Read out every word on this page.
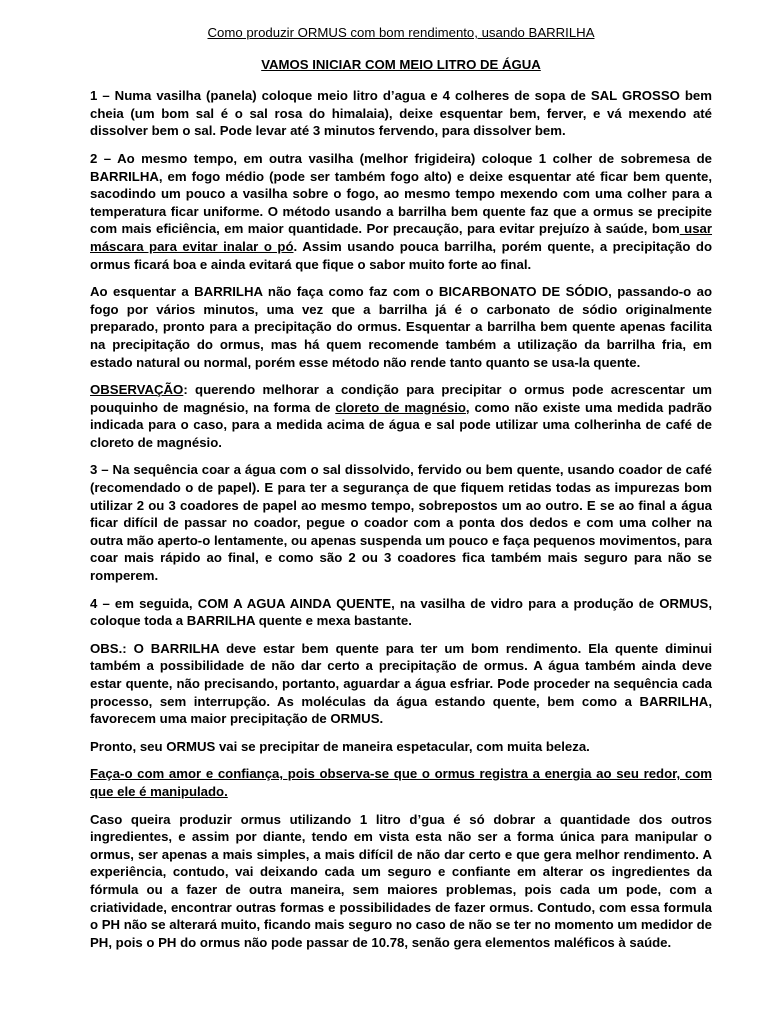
Como produzir ORMUS com bom rendimento, usando BARRILHA

VAMOS INICIAR COM MEIO LITRO DE ÁGUA

1 – Numa vasilha (panela) coloque meio litro d’agua e 4 colheres de sopa de SAL GROSSO bem cheia (um bom sal é o sal rosa do himalaia), deixe esquentar bem, ferver, e vá mexendo até dissolver bem o sal. Pode levar até 3 minutos fervendo, para dissolver bem.

2 – Ao mesmo tempo, em outra vasilha (melhor frigideira) coloque 1 colher de sobremesa de BARRILHA, em fogo médio (pode ser também fogo alto) e deixe esquentar até ficar bem quente, sacodindo um pouco a vasilha sobre o fogo, ao mesmo tempo mexendo com uma colher para a temperatura ficar uniforme. O método usando a barrilha bem quente faz que a ormus se precipite com mais eficiência, em maior quantidade. Por precaução, para evitar prejuízo à saúde, bom usar máscara para evitar inalar o pó. Assim usando pouca barrilha, porém quente, a precipitação do ormus ficará boa e ainda evitará que fique o sabor muito forte ao final.

Ao esquentar a BARRILHA não faça como faz com o BICARBONATO DE SÓDIO, passando-o ao fogo por vários minutos, uma vez que a barrilha já é o carbonato de sódio originalmente preparado, pronto para a precipitação do ormus. Esquentar a barrilha bem quente apenas facilita na precipitação do ormus, mas há quem recomende também a utilização da barrilha fria, em estado natural ou normal, porém esse método não rende tanto quanto se usa-la quente.

OBSERVAÇÃO: querendo melhorar a condição para precipitar o ormus pode acrescentar um pouquinho de magnésio, na forma de cloreto de magnésio, como não existe uma medida padrão indicada para o caso, para a medida acima de água e sal pode utilizar uma colherinha de café de cloreto de magnésio.

3 – Na sequência coar a água com o sal dissolvido, fervido ou bem quente, usando coador de café (recomendado o de papel). E para ter a segurança de que fiquem retidas todas as impurezas bom utilizar 2 ou 3 coadores de papel ao mesmo tempo, sobrepostos um ao outro. E se ao final a água ficar difícil de passar no coador, pegue o coador com a ponta dos dedos e com uma colher na outra mão aperto-o lentamente, ou apenas suspenda um pouco e faça pequenos movimentos, para coar mais rápido ao final, e como são 2 ou 3 coadores fica também mais seguro para não se romperem.

4 – em seguida, COM A AGUA AINDA QUENTE, na vasilha de vidro para a produção de ORMUS, coloque toda a BARRILHA quente e mexa bastante.

OBS.: O BARRILHA deve estar bem quente para ter um bom rendimento. Ela quente diminui também a possibilidade de não dar certo a precipitação de ormus. A água também ainda deve estar quente, não precisando, portanto, aguardar a água esfriar. Pode proceder na sequência cada processo, sem interrupção. As moléculas da água estando quente, bem como a BARRILHA, favorecem uma maior precipitação de ORMUS.

Pronto, seu ORMUS vai se precipitar de maneira espetacular, com muita beleza.

Faça-o com amor e confiança, pois observa-se que o ormus registra a energia ao seu redor, com que ele é manipulado.

Caso queira produzir ormus utilizando 1 litro d’gua é só dobrar a quantidade dos outros ingredientes, e assim por diante, tendo em vista esta não ser a forma única para manipular o ormus, ser apenas a mais simples, a mais difícil de não dar certo e que gera melhor rendimento. A experiência, contudo, vai deixando cada um seguro e confiante em alterar os ingredientes da fórmula ou a fazer de outra maneira, sem maiores problemas, pois cada um pode, com a criatividade, encontrar outras formas e possibilidades de fazer ormus. Contudo, com essa formula o PH não se alterará muito, ficando mais seguro no caso de não se ter no momento um medidor de PH, pois o PH do ormus não pode passar de 10.78, senão gera elementos maléficos à saúde.
